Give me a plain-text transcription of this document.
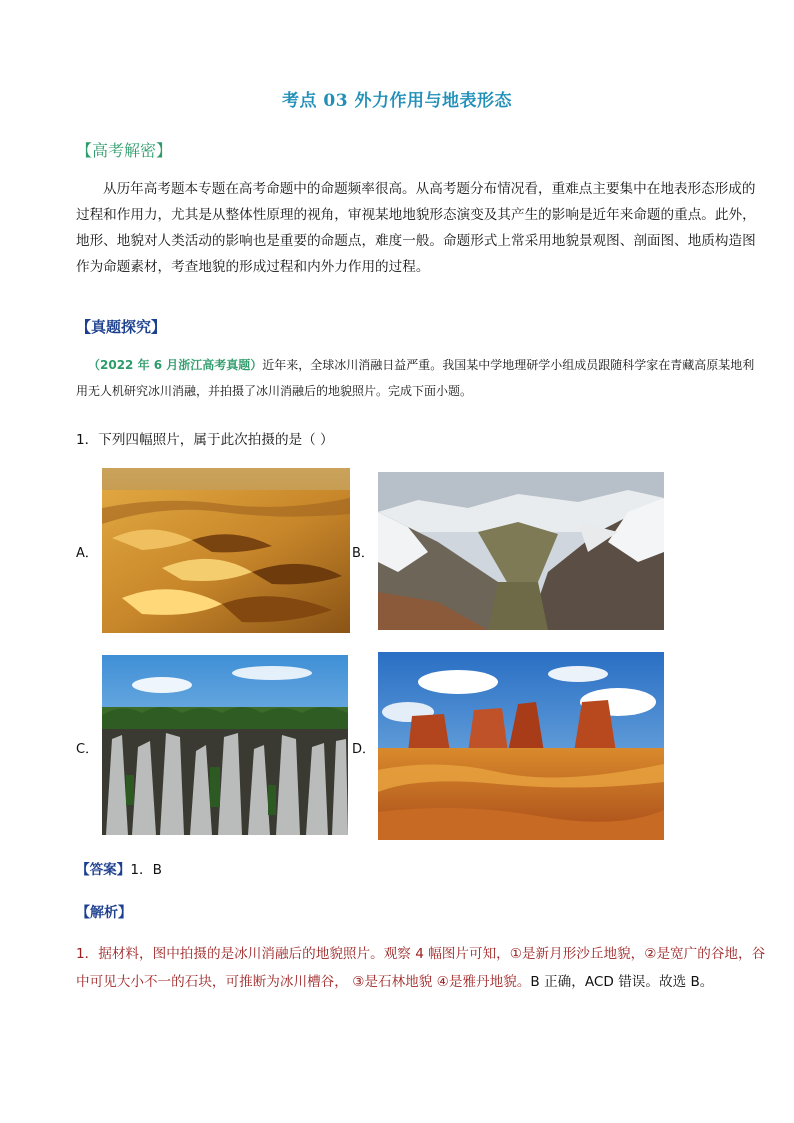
考点 03 外力作用与地表形态
【高考解密】
从历年高考题本专题在高考命题中的命题频率很高。从高考题分布情况看，重难点主要集中在地表形态形成的过程和作用力，尤其是从整体性原理的视角，审视某地地貌形态演变及其产生的影响是近年来命题的重点。此外，地形、地貌对人类活动的影响也是重要的命题点，难度一般。命题形式上常采用地貌景观图、剖面图、地质构造图作为命题素材，考查地貌的形成过程和内外力作用的过程。
【真题探究】
（2022 年 6 月浙江高考真题）近年来，全球冰川消融日益严重。我国某中学地理研学小组成员跟随科学家在青藏高原某地利用无人机研究冰川消融，并拍摄了冰川消融后的地貌照片。完成下面小题。
1．下列四幅照片，属于此次拍摄的是（ ）
A．	B．
C．	D．
【答案】1．B
【解析】
1．据材料，图中拍摄的是冰川消融后的地貌照片。观察 4 幅图片可知，①是新月形沙丘地貌，②是宽广的谷地，谷中可见大小不一的石块，可推断为冰川槽谷， ③是石林地貌 ④是雅丹地貌。B 正确，ACD 错误。故选 B。
